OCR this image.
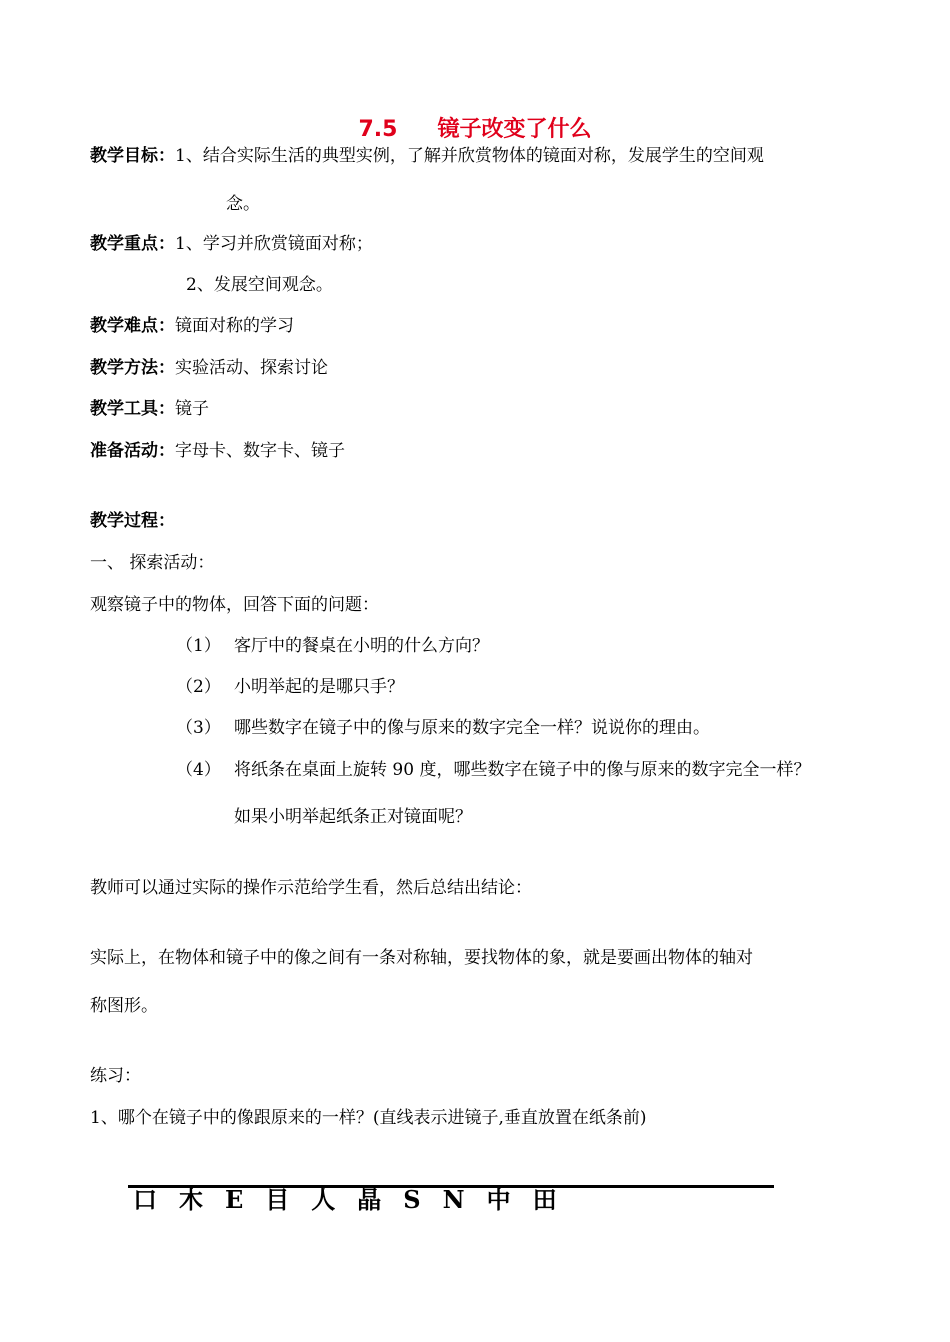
7.5 镜子改变了什么
教学目标：1、结合实际生活的典型实例，了解并欣赏物体的镜面对称，发展学生的空间观
念。
教学重点：1、学习并欣赏镜面对称；
2、发展空间观念。
教学难点：镜面对称的学习
教学方法：实验活动、探索讨论
教学工具：镜子
准备活动：字母卡、数字卡、镜子
教学过程：
一、 探索活动：
观察镜子中的物体，回答下面的问题：
（1） 客厅中的餐桌在小明的什么方向？
（2） 小明举起的是哪只手？
（3） 哪些数字在镜子中的像与原来的数字完全一样？说说你的理由。
（4） 将纸条在桌面上旋转 90 度，哪些数字在镜子中的像与原来的数字完全一样？
如果小明举起纸条正对镜面呢？
教师可以通过实际的操作示范给学生看，然后总结出结论：
实际上，在物体和镜子中的像之间有一条对称轴，要找物体的象，就是要画出物体的轴对
称图形。
练习：
1、哪个在镜子中的像跟原来的一样？(直线表示进镜子,垂直放置在纸条前)
口 木 E 目 人 晶 S N 中 田
